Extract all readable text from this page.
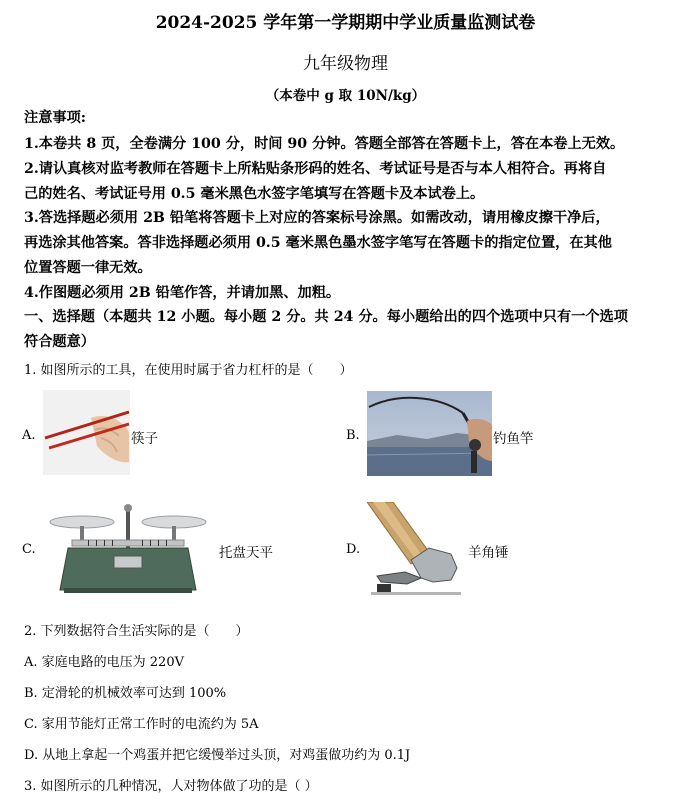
2024-2025 学年第一学期期中学业质量监测试卷
九年级物理
（本卷中 g 取 10N/kg）
注意事项:
1.本卷共 8 页，全卷满分 100 分，时间 90 分钟。答题全部答在答题卡上，答在本卷上无效。
2.请认真核对监考教师在答题卡上所粘贴条形码的姓名、考试证号是否与本人相符合。再将自
己的姓名、考试证号用 0.5 毫米黑色水签字笔填写在答题卡及本试卷上。
3.答选择题必须用 2B 铅笔将答题卡上对应的答案标号涂黑。如需改动，请用橡皮擦干净后，
再选涂其他答案。答非选择题必须用 0.5 毫米黑色墨水签字笔写在答题卡的指定位置，在其他
位置答题一律无效。
4.作图题必须用 2B 铅笔作答，并请加黑、加粗。
一、选择题（本题共 12 小题。每小题 2 分。共 24 分。每小题给出的四个选项中只有一个选项
符合题意）
1. 如图所示的工具，在使用时属于省力杠杆的是（　　）
A.	筷子	B.	钓鱼竿
C.	托盘天平	D.	羊角锤
2. 下列数据符合生活实际的是（　　）
A. 家庭电路的电压为 220V
B. 定滑轮的机械效率可达到 100%
C. 家用节能灯正常工作时的电流约为 5A
D. 从地上拿起一个鸡蛋并把它缓慢举过头顶，对鸡蛋做功约为 0.1J
3. 如图所示的几种情况，人对物体做了功的是（ ）
